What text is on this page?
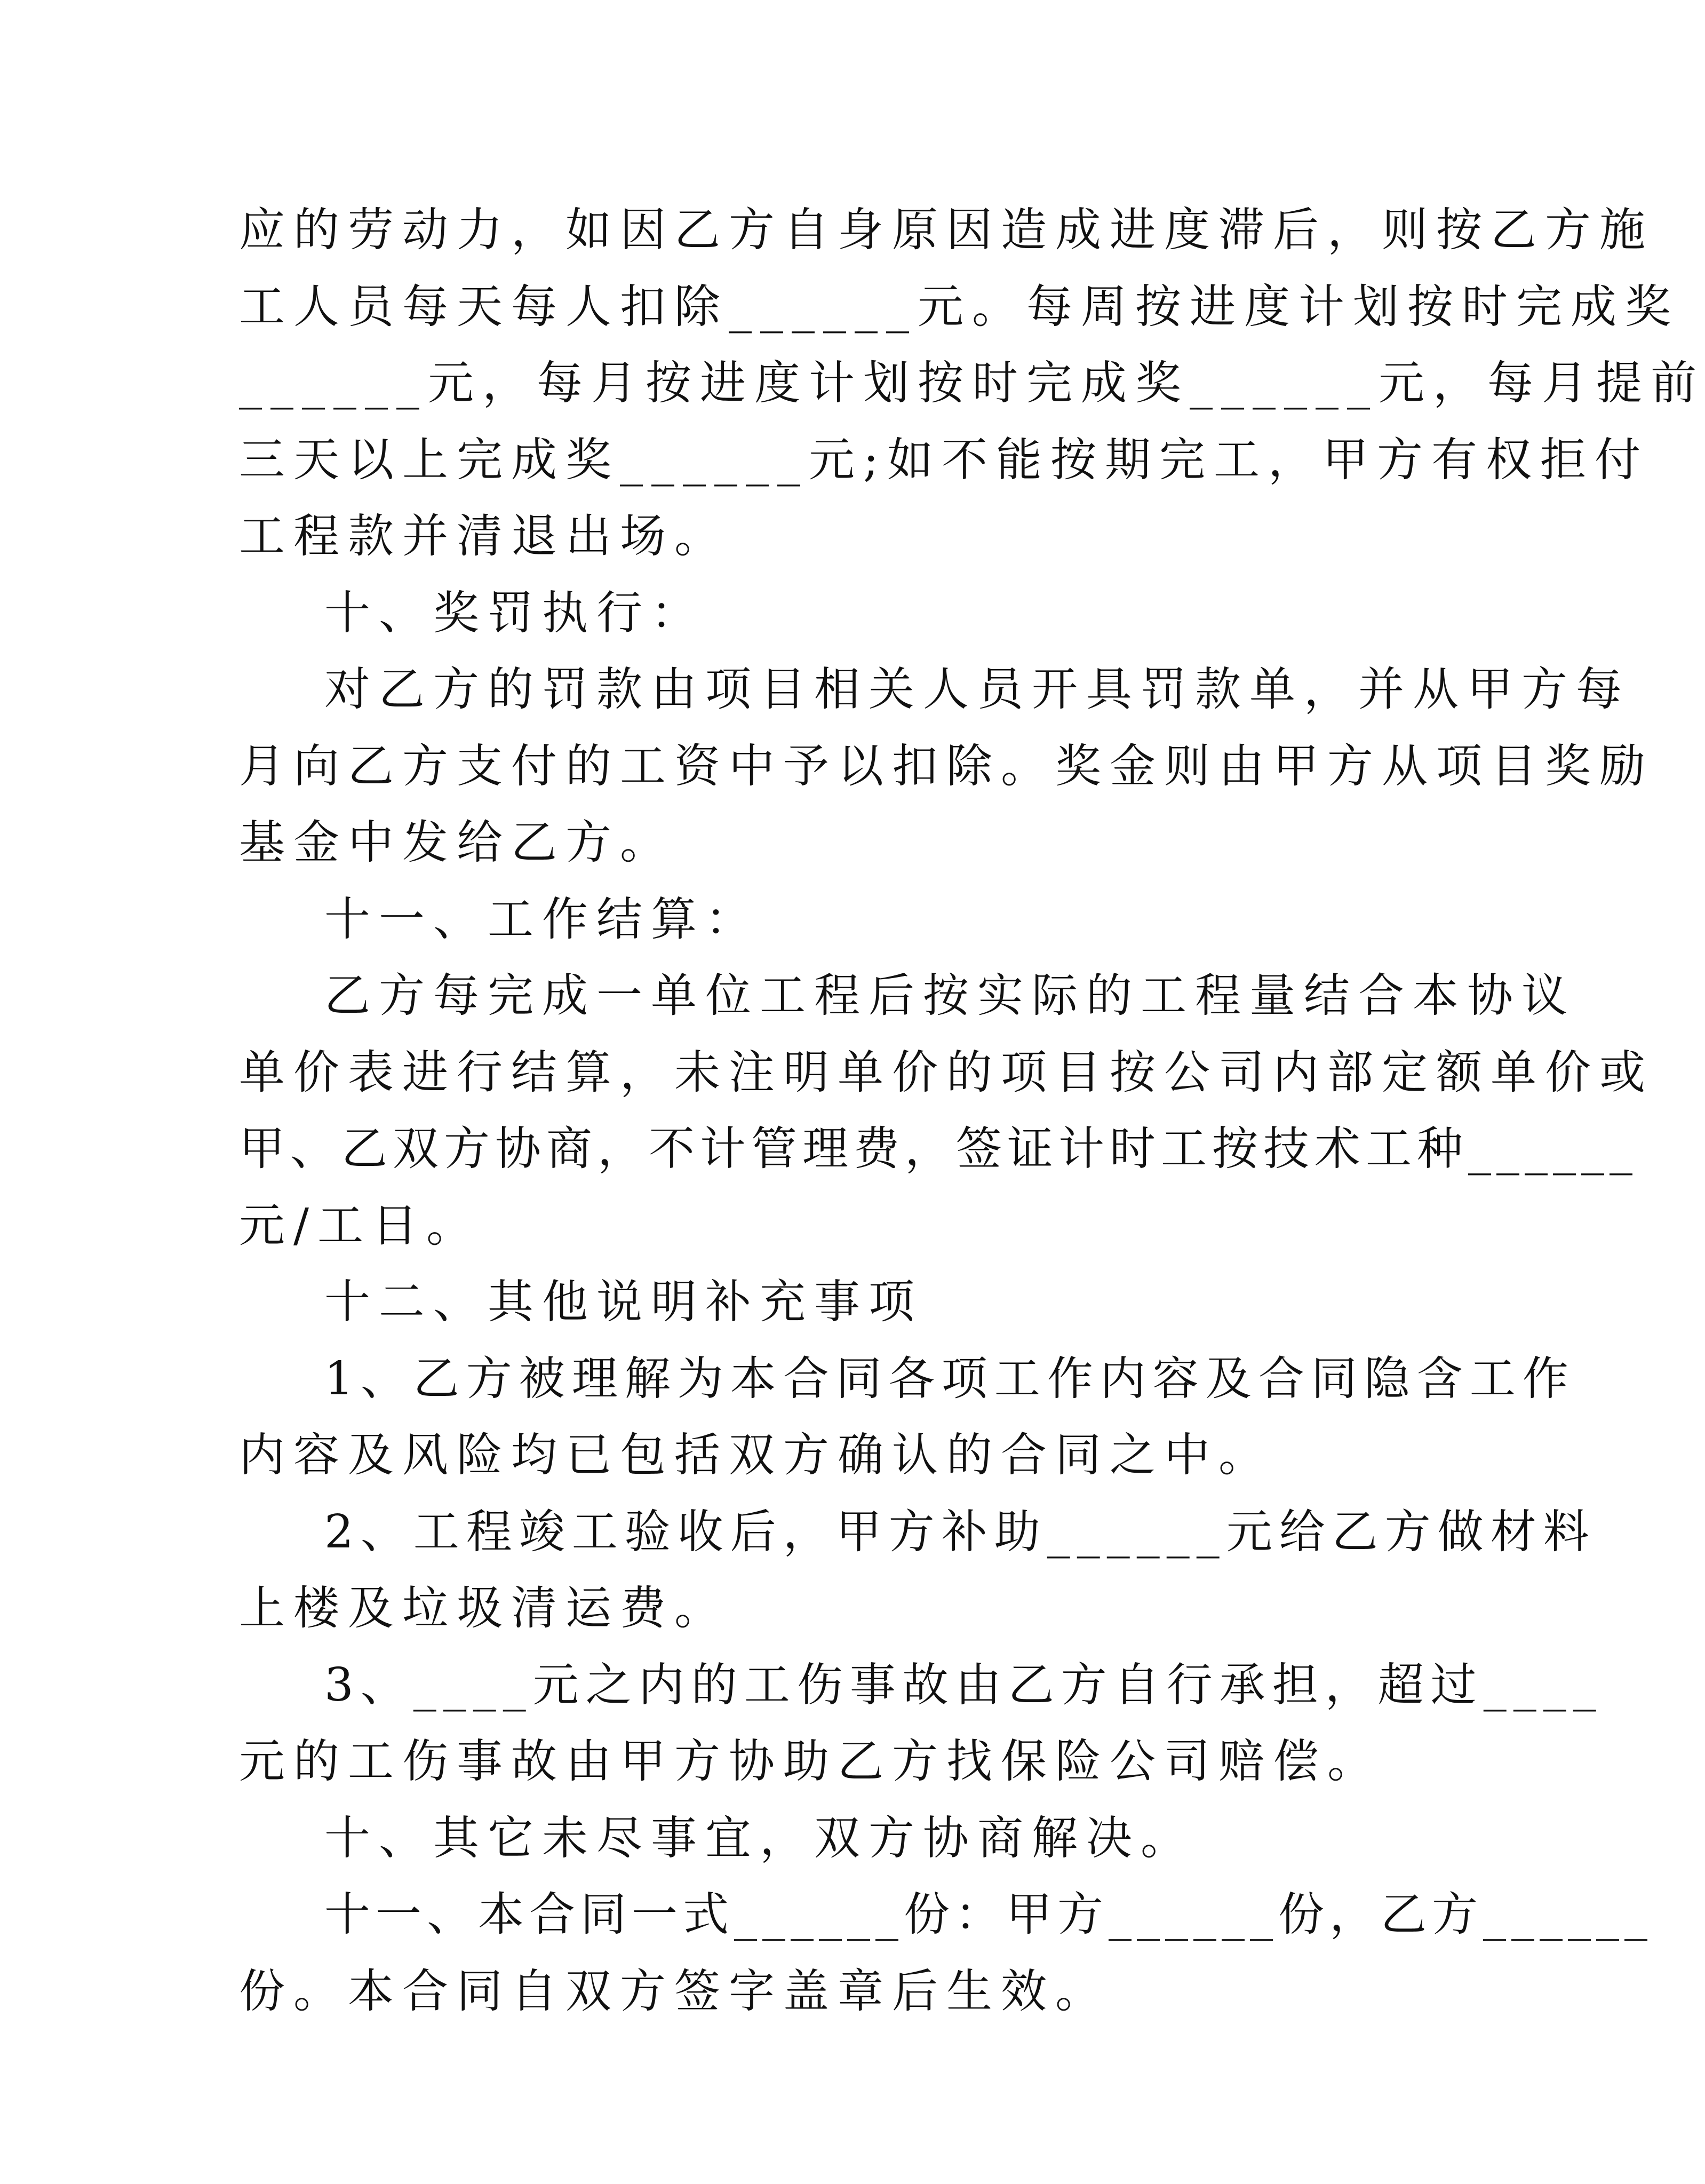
应的劳动力，如因乙方自身原因造成进度滞后，则按乙方施
工人员每天每人扣除______元。每周按进度计划按时完成奖
______元，每月按进度计划按时完成奖______元，每月提前
三天以上完成奖______元;如不能按期完工，甲方有权拒付
工程款并清退出场。
十、奖罚执行：
对乙方的罚款由项目相关人员开具罚款单，并从甲方每
月向乙方支付的工资中予以扣除。奖金则由甲方从项目奖励
基金中发给乙方。
十一、工作结算：
乙方每完成一单位工程后按实际的工程量结合本协议
单价表进行结算，未注明单价的项目按公司内部定额单价或
甲、乙双方协商，不计管理费，签证计时工按技术工种______
元/工日。
十二、其他说明补充事项
1、乙方被理解为本合同各项工作内容及合同隐含工作
内容及风险均已包括双方确认的合同之中。
2、工程竣工验收后，甲方补助______元给乙方做材料
上楼及垃圾清运费。
3、____元之内的工伤事故由乙方自行承担，超过____
元的工伤事故由甲方协助乙方找保险公司赔偿。
十、其它未尽事宜，双方协商解决。
十一、本合同一式______份：甲方______份，乙方______
份。本合同自双方签字盖章后生效。
